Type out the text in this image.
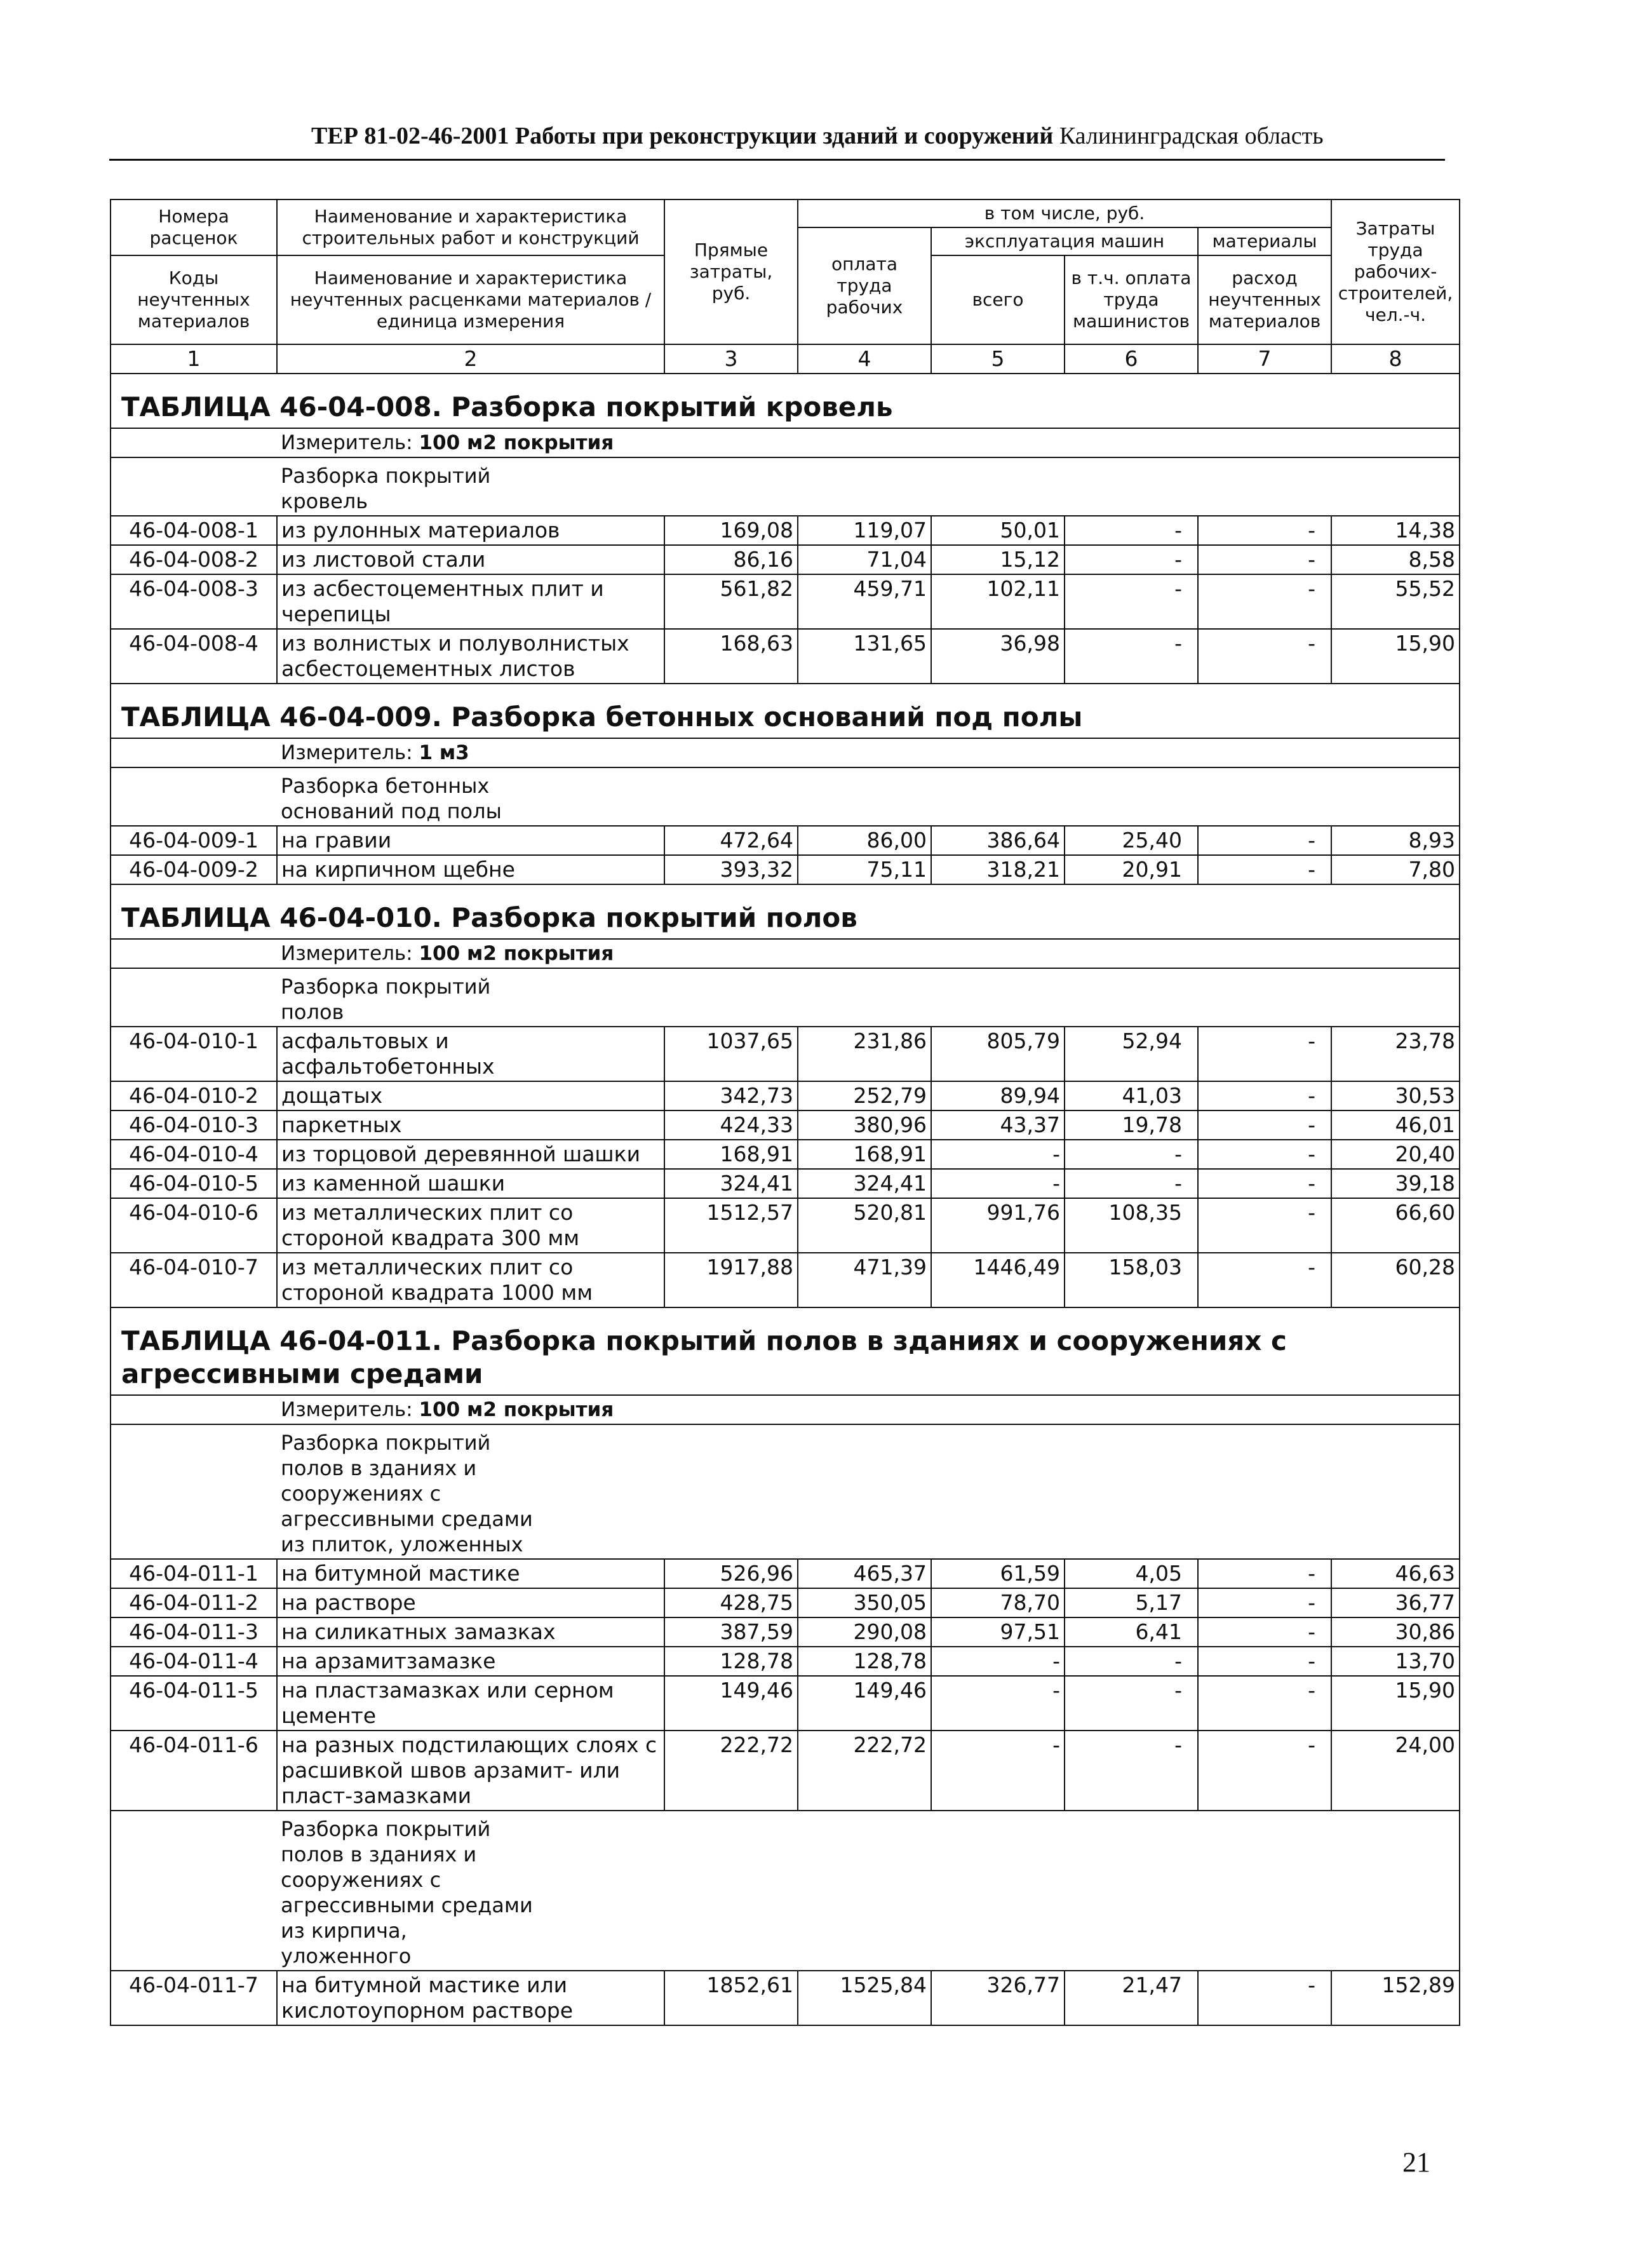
ТЕР 81-02-46-2001 Работы при реконструкции зданий и сооружений Калининградская область
Номера расценок	Наименование и характеристика строительных работ и конструкций	Прямые затраты, руб.	в том числе, руб.				Затраты труда рабочих-строителей, чел.-ч.
			оплата труда рабочих	эксплуатация машин		материалы	
Коды неучтенных материалов	Наименование и характеристика неучтенных расценками материалов / единица измерения			всего	в т.ч. оплата труда машинистов	расход неучтенных материалов	

1	2	3	4	5	6	7	8
ТАБЛИЦА 46-04-008. Разборка покрытий кровель							
	Измеритель: 100 м2 покрытия						
	Разборка покрытий кровель						
46-04-008-1	из рулонных материалов	169,08	119,07	50,01	-	-	14,38
46-04-008-2	из листовой стали	86,16	71,04	15,12	-	-	8,58
46-04-008-3	из асбестоцементных плит и черепицы	561,82	459,71	102,11	-	-	55,52
46-04-008-4	из волнистых и полуволнистых асбестоцементных листов	168,63	131,65	36,98	-	-	15,90
ТАБЛИЦА 46-04-009. Разборка бетонных оснований под полы							
	Измеритель: 1 м3						
	Разборка бетонных оснований под полы						
46-04-009-1	на гравии	472,64	86,00	386,64	25,40	-	8,93
46-04-009-2	на кирпичном щебне	393,32	75,11	318,21	20,91	-	7,80
ТАБЛИЦА 46-04-010. Разборка покрытий полов							
	Измеритель: 100 м2 покрытия						
	Разборка покрытий полов						
46-04-010-1	асфальтовых и асфальтобетонных	1037,65	231,86	805,79	52,94	-	23,78
46-04-010-2	дощатых	342,73	252,79	89,94	41,03	-	30,53
46-04-010-3	паркетных	424,33	380,96	43,37	19,78	-	46,01
46-04-010-4	из торцовой деревянной шашки	168,91	168,91	-	-	-	20,40
46-04-010-5	из каменной шашки	324,41	324,41	-	-	-	39,18
46-04-010-6	из металлических плит со стороной квадрата 300 мм	1512,57	520,81	991,76	108,35	-	66,60
46-04-010-7	из металлических плит со стороной квадрата 1000 мм	1917,88	471,39	1446,49	158,03	-	60,28
ТАБЛИЦА 46-04-011. Разборка покрытий полов в зданиях и сооружениях с агрессивными средами							
	Измеритель: 100 м2 покрытия						
	Разборка покрытий полов в зданиях и сооружениях с агрессивными средами из плиток, уложенных						
46-04-011-1	на битумной мастике	526,96	465,37	61,59	4,05	-	46,63
46-04-011-2	на растворе	428,75	350,05	78,70	5,17	-	36,77
46-04-011-3	на силикатных замазках	387,59	290,08	97,51	6,41	-	30,86
46-04-011-4	на арзамитзамазке	128,78	128,78	-	-	-	13,70
46-04-011-5	на пластзамазках или серном цементе	149,46	149,46	-	-	-	15,90
46-04-011-6	на разных подстилающих слоях с расшивкой швов арзамит- или пласт-замазками	222,72	222,72	-	-	-	24,00
	Разборка покрытий полов в зданиях и сооружениях с агрессивными средами из кирпича, уложенного						
46-04-011-7	на битумной мастике или кислотоупорном растворе	1852,61	1525,84	326,77	21,47	-	152,89
21
